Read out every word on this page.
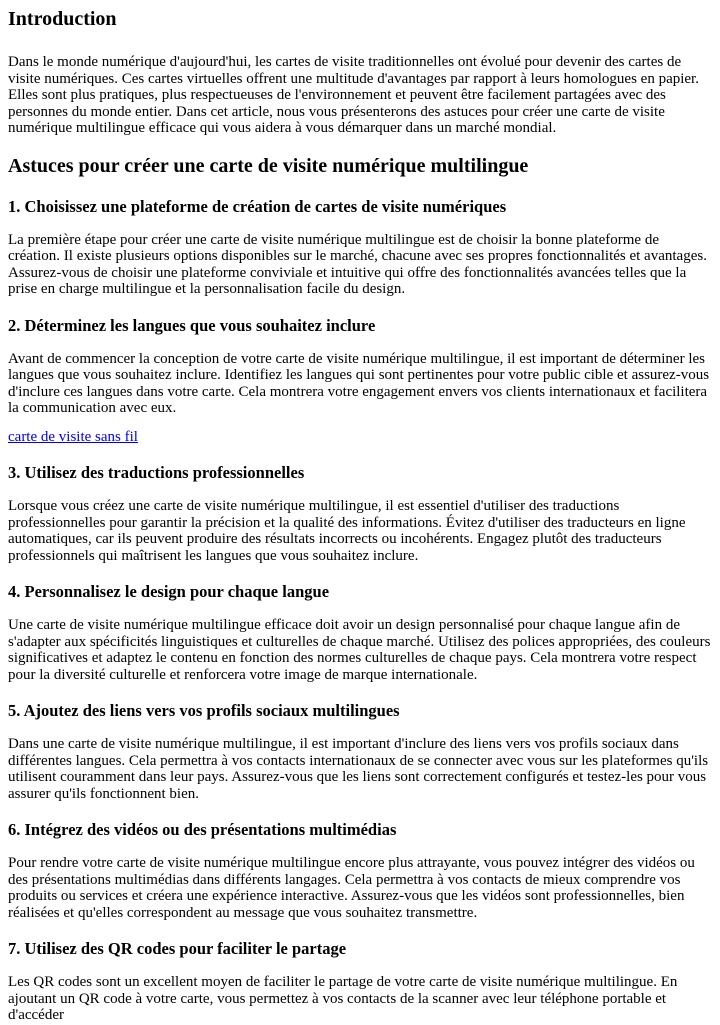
Introduction

Dans le monde numérique d'aujourd'hui, les cartes de visite traditionnelles ont évolué pour devenir des cartes de visite numériques. Ces cartes virtuelles offrent une multitude d'avantages par rapport à leurs homologues en papier. Elles sont plus pratiques, plus respectueuses de l'environnement et peuvent être facilement partagées avec des personnes du monde entier. Dans cet article, nous vous présenterons des astuces pour créer une carte de visite numérique multilingue efficace qui vous aidera à vous démarquer dans un marché mondial.

Astuces pour créer une carte de visite numérique multilingue
1. Choisissez une plateforme de création de cartes de visite numériques

La première étape pour créer une carte de visite numérique multilingue est de choisir la bonne plateforme de création. Il existe plusieurs options disponibles sur le marché, chacune avec ses propres fonctionnalités et avantages. Assurez-vous de choisir une plateforme conviviale et intuitive qui offre des fonctionnalités avancées telles que la prise en charge multilingue et la personnalisation facile du design.

2. Déterminez les langues que vous souhaitez inclure

Avant de commencer la conception de votre carte de visite numérique multilingue, il est important de déterminer les langues que vous souhaitez inclure. Identifiez les langues qui sont pertinentes pour votre public cible et assurez-vous d'inclure ces langues dans votre carte. Cela montrera votre engagement envers vos clients internationaux et facilitera la communication avec eux.

carte de visite sans fil

3. Utilisez des traductions professionnelles

Lorsque vous créez une carte de visite numérique multilingue, il est essentiel d'utiliser des traductions professionnelles pour garantir la précision et la qualité des informations. Évitez d'utiliser des traducteurs en ligne automatiques, car ils peuvent produire des résultats incorrects ou incohérents. Engagez plutôt des traducteurs professionnels qui maîtrisent les langues que vous souhaitez inclure.

4. Personnalisez le design pour chaque langue

Une carte de visite numérique multilingue efficace doit avoir un design personnalisé pour chaque langue afin de s'adapter aux spécificités linguistiques et culturelles de chaque marché. Utilisez des polices appropriées, des couleurs significatives et adaptez le contenu en fonction des normes culturelles de chaque pays. Cela montrera votre respect pour la diversité culturelle et renforcera votre image de marque internationale.

5. Ajoutez des liens vers vos profils sociaux multilingues

Dans une carte de visite numérique multilingue, il est important d'inclure des liens vers vos profils sociaux dans différentes langues. Cela permettra à vos contacts internationaux de se connecter avec vous sur les plateformes qu'ils utilisent couramment dans leur pays. Assurez-vous que les liens sont correctement configurés et testez-les pour vous assurer qu'ils fonctionnent bien.

6. Intégrez des vidéos ou des présentations multimédias

Pour rendre votre carte de visite numérique multilingue encore plus attrayante, vous pouvez intégrer des vidéos ou des présentations multimédias dans différents langages. Cela permettra à vos contacts de mieux comprendre vos produits ou services et créera une expérience interactive. Assurez-vous que les vidéos sont professionnelles, bien réalisées et qu'elles correspondent au message que vous souhaitez transmettre.

7. Utilisez des QR codes pour faciliter le partage

Les QR codes sont un excellent moyen de faciliter le partage de votre carte de visite numérique multilingue. En ajoutant un QR code à votre carte, vous permettez à vos contacts de la scanner avec leur téléphone portable et d'accéder
